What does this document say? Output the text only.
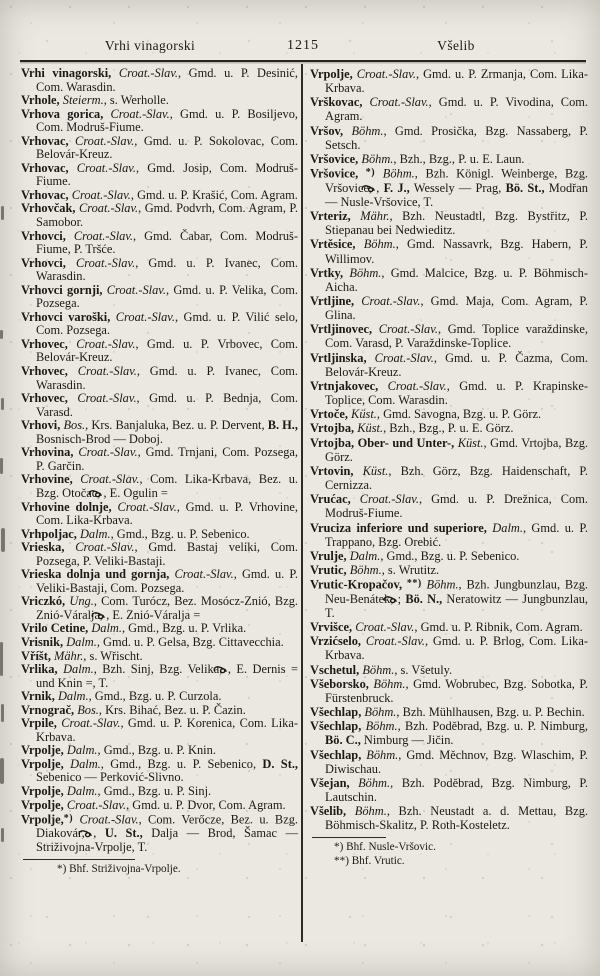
Vrhi vinagorski	1215	Všelib

Vrhi vinagorski, Croat.-Slav., Gmd. u. P. Desinić, Com. Warasdin.

Vrhole, Steierm., s. Werholle.

Vrhova gorica, Croat.-Slav., Gmd. u. P. Bosiljevo, Com. Modruš-Fiume.

Vrhovac, Croat.-Slav., Gmd. u. P. Sokolovac, Com. Belovár-Kreuz.

Vrhovac, Croat.-Slav., Gmd. Josip, Com. Modruš-Fiume.

Vrhovac, Croat.-Slav., Gmd. u. P. Krašić, Com. Agram.

Vrhovčak, Croat.-Slav., Gmd. Podvrh, Com. Agram, P. Samobor.

Vrhovci, Croat.-Slav., Gmd. Čabar, Com. Modruš-Fiume, P. Tršće.

Vrhovci, Croat.-Slav., Gmd. u. P. Ivanec, Com. Warasdin.

Vrhovci gornji, Croat.-Slav., Gmd. u. P. Velika, Com. Pozsega.

Vrhovci varoški, Croat.-Slav., Gmd. u. P. Vilić selo, Com. Pozsega.

Vrhovec, Croat.-Slav., Gmd. u. P. Vrbovec, Com. Belovár-Kreuz.

Vrhovec, Croat.-Slav., Gmd. u. P. Ivanec, Com. Warasdin.

Vrhovec, Croat.-Slav., Gmd. u. P. Bednja, Com. Varasd.

Vrhovi, Bos., Krs. Banjaluka, Bez. u. P. Dervent, B. H., Bosnisch-Brod — Doboj.

Vrhovina, Croat.-Slav., Gmd. Trnjani, Com. Pozsega, P. Garčin.

Vrhovine, Croat.-Slav., Com. Lika-Krbava, Bez. u. Bzg. Otočac, , E. Ogulin =

Vrhovine dolnje, Croat.-Slav., Gmd. u. P. Vrhovine, Com. Lika-Krbava.

Vrhpoljac, Dalm., Gmd., Bzg. u. P. Sebenico.

Vrieska, Croat.-Slav., Gmd. Bastaj veliki, Com. Pozsega, P. Veliki-Bastaji.

Vrieska dolnja und gornja, Croat.-Slav., Gmd. u. P. Veliki-Bastaji, Com. Pozsega.

Vriczkó, Ung., Com. Turócz, Bez. Mosócz-Znió, Bzg. Znió-Váralja, , E. Znió-Váralja =

Vrilo Cetine, Dalm., Gmd., Bzg. u. P. Vrlika.

Vrisnik, Dalm., Gmd. u. P. Gelsa, Bzg. Cittavecchia.

Vříšt, Mähr., s. Wřischt.

Vrlika, Dalm., Bzh. Sinj, Bzg. Velika, , E. Dernis = und Knin =, T.

Vrnik, Dalm., Gmd., Bzg. u. P. Curzola.

Vrnograč, Bos., Krs. Bihać, Bez. u. P. Čazin.

Vrpile, Croat.-Slav., Gmd. u. P. Korenica, Com. Lika-Krbava.

Vrpolje, Dalm., Gmd., Bzg. u. P. Knin.

Vrpolje, Dalm., Gmd., Bzg. u. P. Sebenico, D. St., Sebenico — Perković-Slivno.

Vrpolje, Dalm., Gmd., Bzg. u. P. Sinj.

Vrpolje, Croat.-Slav., Gmd. u. P. Dvor, Com. Agram.

Vrpolje,*) Croat.-Slav., Com. Verőcze, Bez. u. Bzg. Diakovár, , U. St., Dalja — Brod, Šamac — Striživojna-Vrpolje, T.

*) Bhf. Striživojna-Vrpolje.

Vrpolje, Croat.-Slav., Gmd. u. P. Zrmanja, Com. Lika-Krbava.

Vrškovac, Croat.-Slav., Gmd. u. P. Vivodina, Com. Agram.

Vršov, Böhm., Gmd. Prosička, Bzg. Nassaberg, P. Setsch.

Vršovice, Böhm., Bzh., Bzg., P. u. E. Laun.

Vršovice, *) Böhm., Bzh. Königl. Weinberge, Bzg. Vršovice, , F. J., Wessely — Prag, Bö. St., Modřan — Nusle-Vršovice, T.

Vrteriz, Mähr., Bzh. Neustadtl, Bzg. Bystřitz, P. Stiepanau bei Nedwieditz.

Vrtěsice, Böhm., Gmd. Nassavrk, Bzg. Habern, P. Willimov.

Vrtky, Böhm., Gmd. Malcice, Bzg. u. P. Böhmisch-Aicha.

Vrtljine, Croat.-Slav., Gmd. Maja, Com. Agram, P. Glina.

Vrtljinovec, Croat.-Slav., Gmd. Toplice varaždinske, Com. Varasd, P. Varaždinske-Toplice.

Vrtljinska, Croat.-Slav., Gmd. u. P. Čazma, Com. Belovár-Kreuz.

Vrtnjakovec, Croat.-Slav., Gmd. u. P. Krapinske-Toplice, Com. Warasdin.

Vrtoče, Küst., Gmd. Savogna, Bzg. u. P. Görz.

Vrtojba, Küst., Bzh., Bzg., P. u. E. Görz.

Vrtojba, Ober- und Unter-, Küst., Gmd. Vrtojba, Bzg. Görz.

Vrtovin, Küst., Bzh. Görz, Bzg. Haidenschaft, P. Cernizza.

Vrućac, Croat.-Slav., Gmd. u. P. Drežnica, Com. Modruš-Fiume.

Vruciza inferiore und superiore, Dalm., Gmd. u. P. Trappano, Bzg. Orebić.

Vrulje, Dalm., Gmd., Bzg. u. P. Sebenico.

Vrutic, Böhm., s. Wrutitz.

Vrutic-Kropačov, **) Böhm., Bzh. Jungbunzlau, Bzg. Neu-Benátek, ; Bö. N., Neratowitz — Jungbunzlau, T.

Vrvišce, Croat.-Slav., Gmd. u. P. Ribnik, Com. Agram.

Vrzićselo, Croat.-Slav., Gmd. u. P. Brlog, Com. Lika-Krbava.

Vschetul, Böhm., s. Všetuly.

Všeborsko, Böhm., Gmd. Wobrubec, Bzg. Sobotka, P. Fürstenbruck.

Všechlap, Böhm., Bzh. Mühlhausen, Bzg. u. P. Bechin.

Všechlap, Böhm., Bzh. Poděbrad, Bzg. u. P. Nimburg, Bö. C., Nimburg — Jičin.

Všechlap, Böhm., Gmd. Měchnov, Bzg. Wlaschim, P. Diwischau.

Všejan, Böhm., Bzh. Poděbrad, Bzg. Nimburg, P. Lautschin.

Všelib, Böhm., Bzh. Neustadt a. d. Mettau, Bzg. Böhmisch-Skalitz, P. Roth-Kosteletz.

*) Bhf. Nusle-Vršovic.

**) Bhf. Vrutic.
